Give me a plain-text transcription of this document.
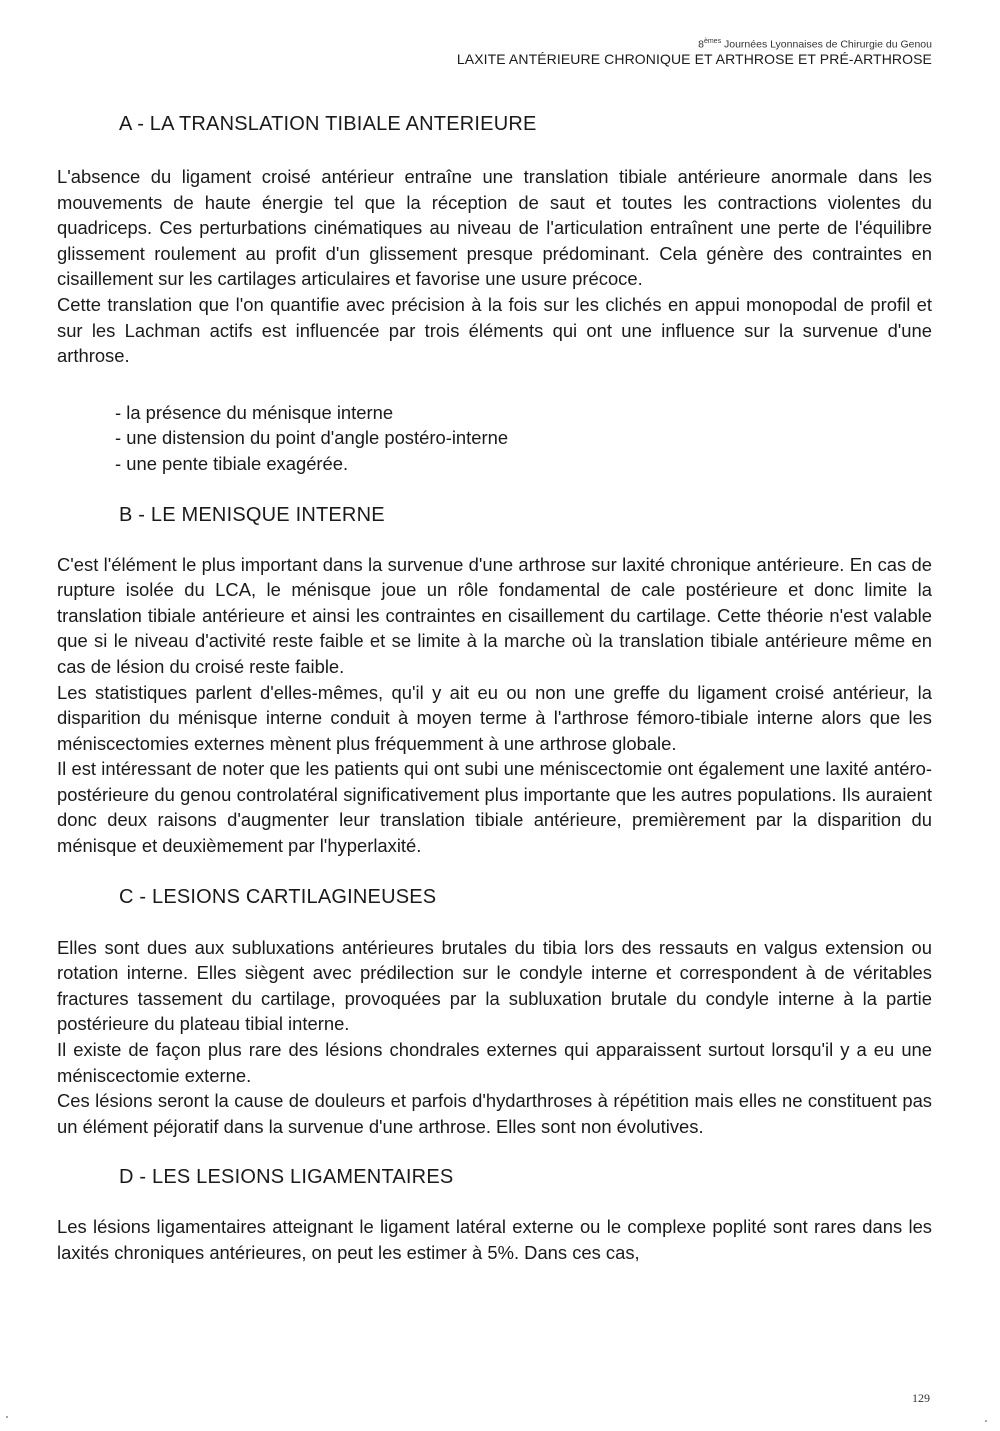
8èmes Journées Lyonnaises de Chirurgie du Genou
LAXITE ANTÉRIEURE CHRONIQUE ET ARTHROSE ET PRÉ-ARTHROSE
A - LA TRANSLATION TIBIALE ANTERIEURE

L'absence du ligament croisé antérieur entraîne une translation tibiale antérieure anormale dans les mouvements de haute énergie tel que la réception de saut et toutes les contractions violentes du quadriceps. Ces perturbations cinématiques au niveau de l'articulation entraînent une perte de l'équilibre glissement roulement au profit d'un glissement presque prédominant. Cela génère des contraintes en cisaillement sur les cartilages articulaires et favorise une usure précoce.

Cette translation que l'on quantifie avec précision à la fois sur les clichés en appui monopodal de profil et sur les Lachman actifs est influencée par trois éléments qui ont une influence sur la survenue d'une arthrose.

- la présence du ménisque interne
- une distension du point d'angle postéro-interne
- une pente tibiale exagérée.
B - LE MENISQUE INTERNE

C'est l'élément le plus important dans la survenue d'une arthrose sur laxité chronique antérieure. En cas de rupture isolée du LCA, le ménisque joue un rôle fondamental de cale postérieure et donc limite la translation tibiale antérieure et ainsi les contraintes en cisaillement du cartilage. Cette théorie n'est valable que si le niveau d'activité reste faible et se limite à la marche où la translation tibiale antérieure même en cas de lésion du croisé reste faible.

Les statistiques parlent d'elles-mêmes, qu'il y ait eu ou non une greffe du ligament croisé antérieur, la disparition du ménisque interne conduit à moyen terme à l'arthrose fémoro-tibiale interne alors que les méniscectomies externes mènent plus fréquemment à une arthrose globale.

Il est intéressant de noter que les patients qui ont subi une méniscectomie ont également une laxité antéro-postérieure du genou controlatéral significativement plus importante que les autres populations. Ils auraient donc deux raisons d'augmenter leur translation tibiale antérieure, premièrement par la disparition du ménisque et deuxièmement par l'hyperlaxité.

C - LESIONS CARTILAGINEUSES

Elles sont dues aux subluxations antérieures brutales du tibia lors des ressauts en valgus extension ou rotation interne. Elles siègent avec prédilection sur le condyle interne et correspondent à de véritables fractures tassement du cartilage, provoquées par la subluxation brutale du condyle interne à la partie postérieure du plateau tibial interne.

Il existe de façon plus rare des lésions chondrales externes qui apparaissent surtout lorsqu'il y a eu une méniscectomie externe.

Ces lésions seront la cause de douleurs et parfois d'hydarthroses à répétition mais elles ne constituent pas un élément péjoratif dans la survenue d'une arthrose. Elles sont non évolutives.

D - LES LESIONS LIGAMENTAIRES

Les lésions ligamentaires atteignant le ligament latéral externe ou le complexe poplité sont rares dans les laxités chroniques antérieures, on peut les estimer à 5%. Dans ces cas,

129
